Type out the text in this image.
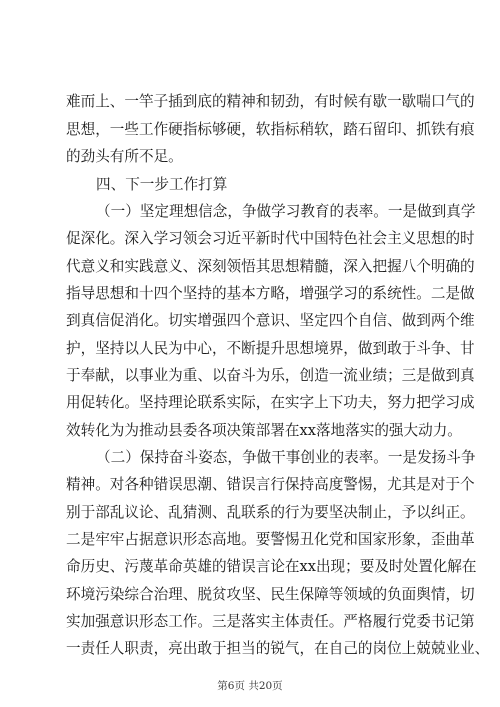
难而上、一竿子插到底的精神和韧劲，有时候有歇一歇喘口气的
思想，一些工作硬指标够硬，软指标稍软，踏石留印、抓铁有痕
的劲头有所不足。
四、下一步工作打算
（一）坚定理想信念，争做学习教育的表率。一是做到真学
促深化。深入学习领会习近平新时代中国特色社会主义思想的时
代意义和实践意义、深刻领悟其思想精髓，深入把握八个明确的
指导思想和十四个坚持的基本方略，增强学习的系统性。二是做
到真信促消化。切实增强四个意识、坚定四个自信、做到两个维
护，坚持以人民为中心，不断提升思想境界，做到敢于斗争、甘
于奉献，以事业为重、以奋斗为乐，创造一流业绩；三是做到真
用促转化。坚持理论联系实际，在实字上下功夫，努力把学习成
效转化为为推动县委各项决策部署在xx落地落实的强大动力。
（二）保持奋斗姿态，争做干事创业的表率。一是发扬斗争
精神。对各种错误思潮、错误言行保持高度警惕，尤其是对于个
别于部乱议论、乱猜测、乱联系的行为要坚决制止，予以纠正。
二是牢牢占据意识形态高地。要警惕丑化党和国家形象，歪曲革
命历史、污蔑革命英雄的错误言论在xx出现；要及时处置化解在
环境污染综合治理、脱贫攻坚、民生保障等领域的负面舆情，切
实加强意识形态工作。三是落实主体责任。严格履行党委书记第
一责任人职责，亮出敢于担当的锐气，在自己的岗位上兢兢业业、
第6页 共20页
